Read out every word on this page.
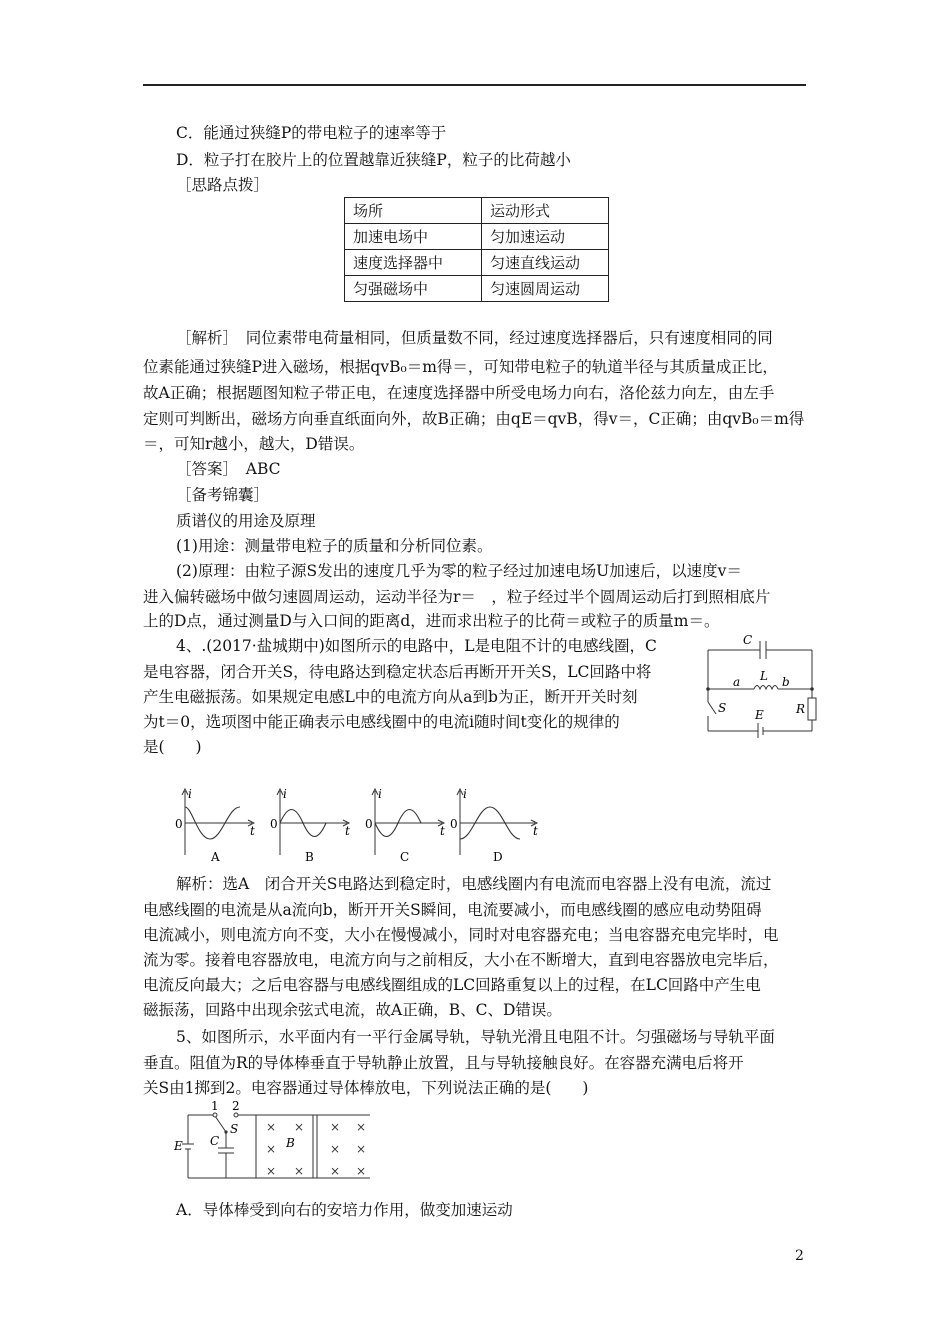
C．能通过狭缝P的带电粒子的速率等于
D．粒子打在胶片上的位置越靠近狭缝P，粒子的比荷越小
［思路点拨］
场所	运动形式
加速电场中	匀加速运动
速度选择器中	匀速直线运动
匀强磁场中	匀速圆周运动
［解析］　同位素带电荷量相同，但质量数不同，经过速度选择器后，只有速度相同的同
位素能通过狭缝P进入磁场，根据qvB₀＝m得＝，可知带电粒子的轨道半径与其质量成正比，
故A正确；根据题图知粒子带正电，在速度选择器中所受电场力向右，洛伦兹力向左，由左手
定则可判断出，磁场方向垂直纸面向外，故B正确；由qE＝qvB，得v＝，C正确；由qvB₀＝m得
＝，可知r越小，越大，D错误。
［答案］　ABC
［备考锦囊］
质谱仪的用途及原理
(1)用途：测量带电粒子的质量和分析同位素。
(2)原理：由粒子源S发出的速度几乎为零的粒子经过加速电场U加速后，以速度v＝
进入偏转磁场中做匀速圆周运动，运动半径为r＝　，粒子经过半个圆周运动后打到照相底片
上的D点，通过测量D与入口间的距离d，进而求出粒子的比荷＝或粒子的质量m＝。
4、.(2017·盐城期中)如图所示的电路中，L是电阻不计的电感线圈，C
是电容器，闭合开关S，待电路达到稳定状态后再断开开关S，LC回路中将
产生电磁振荡。如果规定电感L中的电流方向从a到b为正，断开开关时刻
为t＝0，选项图中能正确表示电感线圈中的电流i随时间t变化的规律的
是(　　)
C
a L b
S E	R
i
0	t
i
0	t
i
0	t
i
0	t
A	B	C	D
解析：选A　闭合开关S电路达到稳定时，电感线圈内有电流而电容器上没有电流，流过
电感线圈的电流是从a流向b，断开开关S瞬间，电流要减小，而电感线圈的感应电动势阻碍
电流减小，则电流方向不变，大小在慢慢减小，同时对电容器充电；当电容器充电完毕时，电
流为零。接着电容器放电，电流方向与之前相反，大小在不断增大，直到电容器放电完毕后，
电流反向最大；之后电容器与电感线圈组成的LC回路重复以上的过程，在LC回路中产生电
磁振荡，回路中出现余弦式电流，故A正确，B、C、D错误。
5、如图所示，水平面内有一平行金属导轨，导轨光滑且电阻不计。匀强磁场与导轨平面
垂直。阻值为R的导体棒垂直于导轨静止放置，且与导轨接触良好。在容器充满电后将开
关S由1掷到2。电容器通过导体棒放电，下列说法正确的是(　　)
1 2
S
E C	B
× × × ×
×	× ×
× × × ×
A．导体棒受到向右的安培力作用，做变加速运动
2
